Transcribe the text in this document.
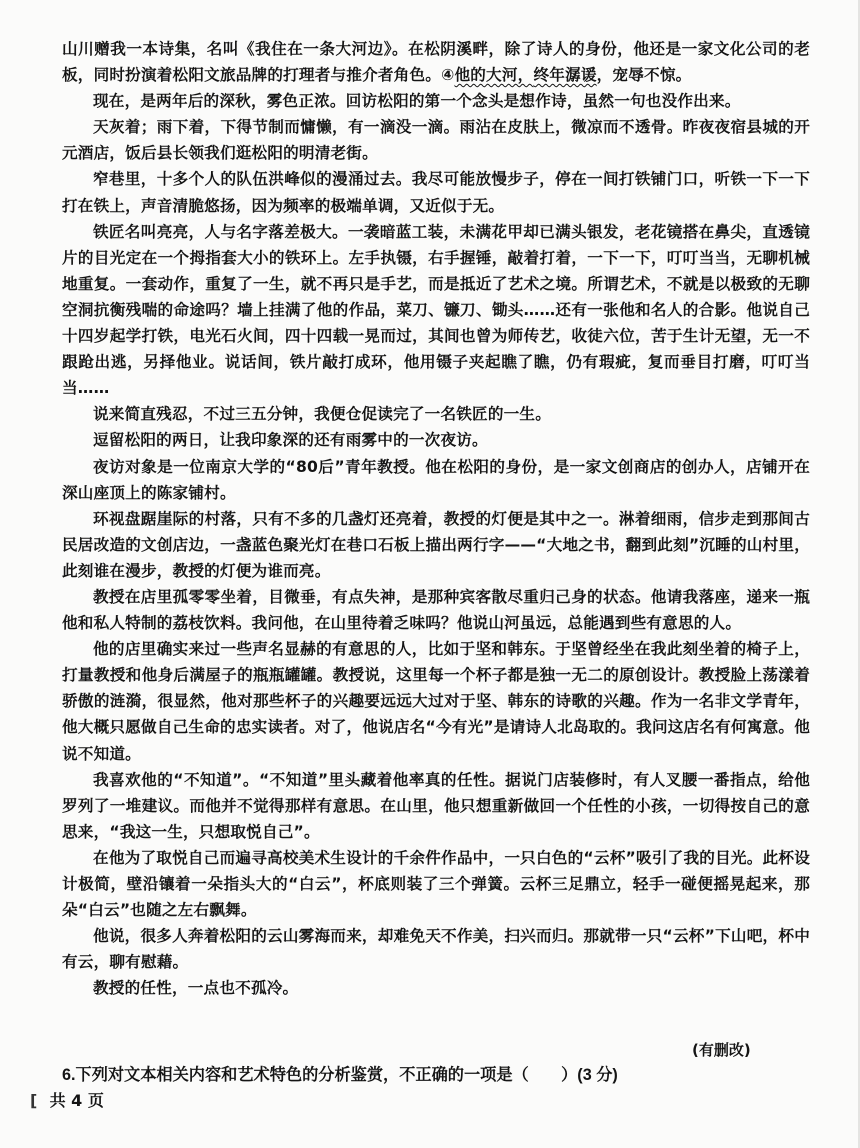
山川赠我一本诗集，名叫《我住在一条大河边》。在松阴溪畔，除了诗人的身份，他还是一家文化公司的老板，同时扮演着松阳文旅品牌的打理者与推介者角色。④他的大河，终年潺谖，宠辱不惊。

现在，是两年后的深秋，雾色正浓。回访松阳的第一个念头是想作诗，虽然一句也没作出来。

天灰着；雨下着，下得节制而慵懒，有一滴没一滴。雨沾在皮肤上，微凉而不透骨。昨夜夜宿县城的开元酒店，饭后县长领我们逛松阳的明清老街。

窄巷里，十多个人的队伍洪峰似的漫涌过去。我尽可能放慢步子，停在一间打铁铺门口，听铁一下一下打在铁上，声音清脆悠扬，因为频率的极端单调，又近似于无。

铁匠名叫亮亮，人与名字落差极大。一袭暗蓝工装，未满花甲却已满头银发，老花镜搭在鼻尖，直透镜片的目光定在一个拇指套大小的铁环上。左手执镊，右手握锤，敲着打着，一下一下，叮叮当当，无聊机械地重复。一套动作，重复了一生，就不再只是手艺，而是抵近了艺术之境。所谓艺术，不就是以极致的无聊空洞抗衡残喘的命途吗？墙上挂满了他的作品，菜刀、镰刀、锄头……还有一张他和名人的合影。他说自己十四岁起学打铁，电光石火间，四十四载一晃而过，其间也曾为师传艺，收徒六位，苦于生计无望，无一不跟跄出逃，另择他业。说话间，铁片敲打成环，他用镊子夹起瞧了瞧，仍有瑕疵，复而垂目打磨，叮叮当当……

说来简直残忍，不过三五分钟，我便仓促读完了一名铁匠的一生。

逗留松阳的两日，让我印象深的还有雨雾中的一次夜访。

夜访对象是一位南京大学的“80后”青年教授。他在松阳的身份，是一家文创商店的创办人，店铺开在深山座顶上的陈家铺村。

环视盘踞崖际的村落，只有不多的几盏灯还亮着，教授的灯便是其中之一。淋着细雨，信步走到那间古民居改造的文创店边，一盏蓝色聚光灯在巷口石板上描出两行字——“大地之书，翻到此刻”沉睡的山村里，此刻谁在漫步，教授的灯便为谁而亮。

教授在店里孤零零坐着，目微垂，有点失神，是那种宾客散尽重归己身的状态。他请我落座，递来一瓶他和私人特制的荔枝饮料。我问他，在山里待着乏味吗？他说山河虽远，总能遇到些有意思的人。

他的店里确实来过一些声名显赫的有意思的人，比如于坚和韩东。于坚曾经坐在我此刻坐着的椅子上，打量教授和他身后满屋子的瓶瓶罐罐。教授说，这里每一个杯子都是独一无二的原创设计。教授脸上荡漾着骄傲的涟漪，很显然，他对那些杯子的兴趣要远远大过对于坚、韩东的诗歌的兴趣。作为一名非文学青年，他大概只愿做自己生命的忠实读者。对了，他说店名“今有光”是请诗人北岛取的。我问这店名有何寓意。他说不知道。

我喜欢他的“不知道”。“不知道”里头藏着他率真的任性。据说门店装修时，有人叉腰一番指点，给他罗列了一堆建议。而他并不觉得那样有意思。在山里，他只想重新做回一个任性的小孩，一切得按自己的意思来，“我这一生，只想取悦自己”。

在他为了取悦自己而遍寻高校美术生设计的千余件作品中，一只白色的“云杯”吸引了我的目光。此杯设计极简，壁沿镶着一朵指头大的“白云”，杯底则装了三个弹簧。云杯三足鼎立，轻手一碰便摇晃起来，那朵“白云”也随之左右飘舞。

他说，很多人奔着松阳的云山雾海而来，却难免天不作美，扫兴而归。那就带一只“云杯”下山吧，杯中有云，聊有慰藉。

教授的任性，一点也不孤冷。

(有删改)
6.下列对文本相关内容和艺术特色的分析鉴赏，不正确的一项是（　　）(3 分)
[ 共 4 页
